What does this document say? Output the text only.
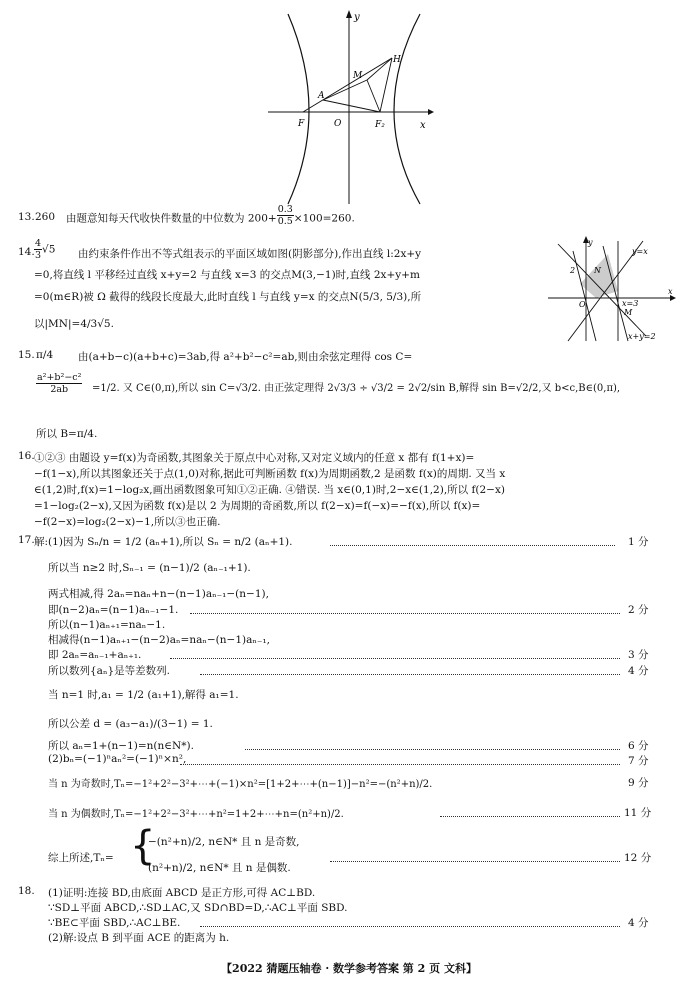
y
x
A
M
H
F	O	F₂
13. 260 由题意知每天代收快件数量的中位数为 $200+ \frac{0.3}{0.5} \times 100=260$.
14. $\frac{4}{3} √5$ 由约束条件作出不等式组表示的平面区域如图(阴影部分),作出直线 l:2x+y
=0,将直线 l 平移经过直线 x+y=2 与直线 x=3 的交点M(3,−1)时,直线 2x+y+m
=0(m∈R)被 Ω 截得的线段长度最大,此时直线 l 与直线 y=x 的交点N(5/3, 5/3),所
以|MN|=4/3√5.
y
y=x
2 N
x
O	x=3
M
x+y=2
15. π/4 由(a+b−c)(a+b+c)=3ab,得 a²+b²−c²=ab,则由余弦定理得 cos C=
$\frac{\text{a²+b²−c²}}{2ab} =1/2$. 又 C∈(0,π),所以 sin C=√3/2. 由正弦定理得 2√3/3 ÷ √3/2 = 2√2/sin B,解得 sin B=√2/2,又 b<c,B∈(0,π),
所以 B=π/4.
16. ①②③ 由题设 y=f(x)为奇函数,其图象关于原点中心对称,又对定义域内的任意 x 都有 f(1+x)=
−f(1−x),所以其图象还关于点(1,0)对称,据此可判断函数 f(x)为周期函数,2 是函数 f(x)的周期. 又当 x
∈(1,2)时,f(x)=1−log₂x,画出函数图象可知①②正确. ④错误. 当 x∈(0,1)时,2−x∈(1,2),所以 f(2−x)
=1−log₂(2−x),又因为函数 f(x)是以 2 为周期的奇函数,所以 f(2−x)=f(−x)=−f(x),所以 f(x)=
−f(2−x)=log₂(2−x)−1,所以③也正确.
17. 解:(1)因为 Sₙ/n = 1/2 (aₙ+1),所以 Sₙ = n/2 (aₙ+1).	1 分
所以当 n≥2 时,Sₙ₋₁ = (n−1)/2 (aₙ₋₁+1).
两式相减,得 2aₙ=naₙ+n−(n−1)aₙ₋₁−(n−1),
即(n−2)aₙ=(n−1)aₙ₋₁−1.	2 分
所以(n−1)aₙ₊₁=naₙ−1.
相减得(n−1)aₙ₊₁−(n−2)aₙ=naₙ−(n−1)aₙ₋₁,
即 2aₙ=aₙ₋₁+aₙ₊₁.	3 分
所以数列{aₙ}是等差数列.	4 分
当 n=1 时,a₁ = 1/2 (a₁+1),解得 a₁=1.
所以公差 d = (a₃−a₁)/(3−1) = 1.
所以 aₙ=1+(n−1)=n(n∈N*).	6 分
(2)bₙ=(−1)ⁿaₙ²=(−1)ⁿ×n²,	7 分
当 n 为奇数时,Tₙ=−1²+2²−3²+⋯+(−1)×n²=[1+2+⋯+(n−1)]−n²=−(n²+n)/2.	9 分
当 n 为偶数时,Tₙ=−1²+2²−3²+⋯+n²=1+2+⋯+n=(n²+n)/2.	11 分
综上所述,Tₙ= {
−(n²+n)/2, n∈N* 且 n 是奇数,
(n²+n)/2, n∈N* 且 n 是偶数.
12 分
18. (1)证明:连接 BD,由底面 ABCD 是正方形,可得 AC⊥BD.
∵SD⊥平面 ABCD,∴SD⊥AC,又 SD∩BD=D,∴AC⊥平面 SBD.
∵BE⊂平面 SBD,∴AC⊥BE.	4 分
(2)解:设点 B 到平面 ACE 的距离为 h.
【2022 猜题压轴卷 · 数学参考答案 第 2 页 文科】
